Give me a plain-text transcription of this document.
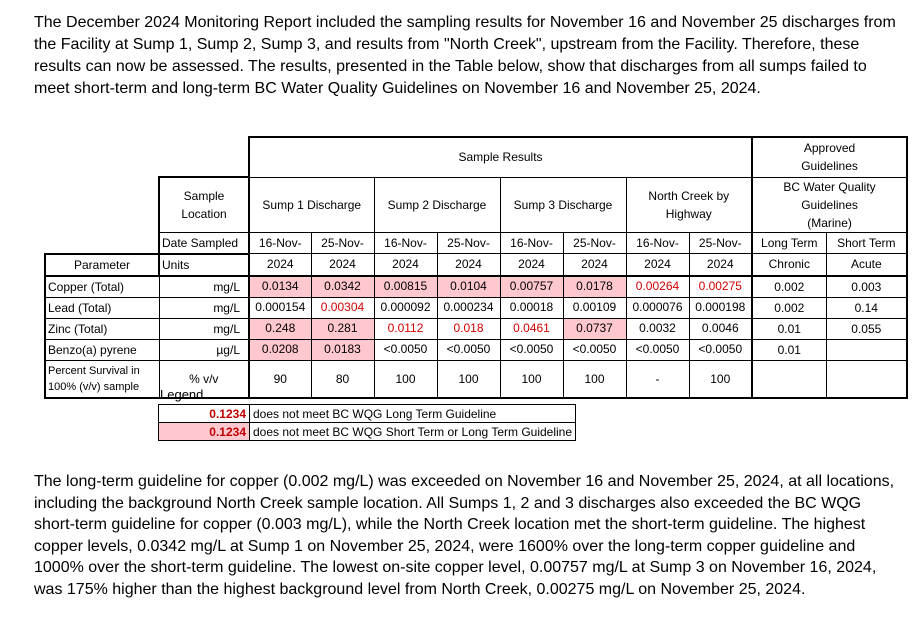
The December 2024 Monitoring Report included the sampling results for November 16 and November 25 discharges from the Facility at Sump 1, Sump 2, Sump 3, and results from "North Creek", upstream from the Facility. Therefore, these results can now be assessed. The results, presented in the Table below, show that discharges from all sumps failed to meet short-term and long-term BC Water Quality Guidelines on November 16 and November 25, 2024.

		Sample Results								Approved
Guidelines	
	Sample
Location	Sump 1 Discharge		Sump 2 Discharge		Sump 3 Discharge		North Creek by
Highway		BC Water Quality Guidelines
(Marine)	
	Date Sampled	16-Nov-	25-Nov-	16-Nov-	25-Nov-	16-Nov-	25-Nov-	16-Nov-	25-Nov-	Long Term	Short Term
Parameter	Units	2024	2024	2024	2024	2024	2024	2024	2024	Chronic	Acute
Copper (Total)	mg/L	0.0134	0.0342	0.00815	0.0104	0.00757	0.0178	0.00264	0.00275	0.002	0.003
Lead (Total)	mg/L	0.000154	0.00304	0.000092	0.000234	0.00018	0.00109	0.000076	0.000198	0.002	0.14
Zinc (Total)	mg/L	0.248	0.281	0.0112	0.018	0.0461	0.0737	0.0032	0.0046	0.01	0.055
Benzo(a) pyrene	µg/L	0.0208	0.0183	<0.0050	<0.0050	<0.0050	<0.0050	<0.0050	<0.0050	0.01	
Percent Survival in
100% (v/v) sample	% v/v	90	80	100	100	100	100	-	100		
Legend
0.1234	does not meet BC WQG Long Term Guideline
0.1234	does not meet BC WQG Short Term or Long Term Guideline

The long-term guideline for copper (0.002 mg/L) was exceeded on November 16 and November 25, 2024, at all locations, including the background North Creek sample location. All Sumps 1, 2 and 3 discharges also exceeded the BC WQG short-term guideline for copper (0.003 mg/L), while the North Creek location met the short-term guideline. The highest copper levels, 0.0342 mg/L at Sump 1 on November 25, 2024, were 1600% over the long-term copper guideline and 1000% over the short-term guideline. The lowest on-site copper level, 0.00757 mg/L at Sump 3 on November 16, 2024, was 175% higher than the highest background level from North Creek, 0.00275 mg/L on November 25, 2024.
